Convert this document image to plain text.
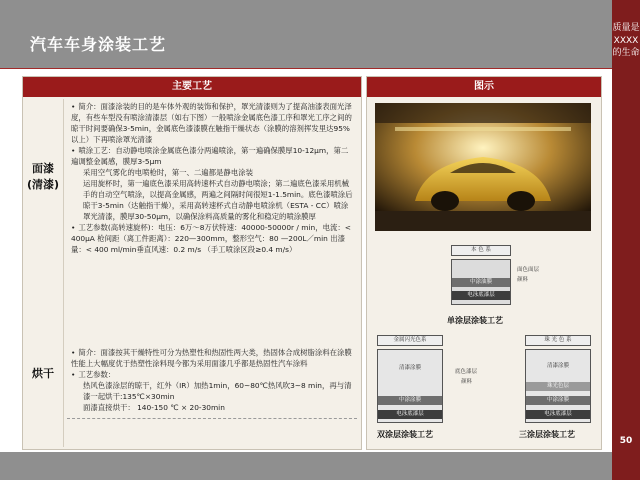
汽车车身涂装工艺
质量是XXXX的生命
50
主要工艺
面漆
(清漆)
烘干

• 简介：面漆涂装的目的是车体外观的装饰和保护，罩光清漆则为了提高油漆表面光泽度，有些车型没有喷涂清漆层（如右下图）一般喷涂金属底色漆工序和罩光工序之间的晾干时间要确保3-5min，金属底色漆漆膜在触指干燥状态（涂膜的溶剂挥发里达95%以上）下再喷涂罩光清漆

• 喷涂工艺：自动静电喷涂金属底色漆分两遍喷涂，第一遍确保膜厚10-12μm，第二遍调整金属感，膜厚3-5μm

采用空气雾化的电喷枪时，第一、二遍都是静电涂装

运用旋杯时，第一遍底色漆采用高转速杯式自动静电喷涂；第二遍底色漆采用机械手的自动空气喷涂，以提高金属感，两遍之间隔时间很短1-1.5min。底色漆喷涂后晾干3-5min（达触指干燥），采用高转速杯式自动静电喷涂机（ESTA - CC）喷涂罩光清漆，膜厚30-50μm，以确保涂料高质量的雾化和稳定的喷涂膜厚

• 工艺参数(高转速旋杯)：电压：6万～8万伏特速：40000-50000r / min，电流：< 400μA 枪间距（离工件距离）：220—300mm，整形空气：80 —200L／min 出漆量：< 400 ml/min垂直风速：0.2 m/s （手工喷涂区段≥0.4 m/s）

• 简介：面漆按其干燥特性可分为热塑性和热固性两大类，热固体合成树脂涂料在涂膜性能上大幅度优于热塑性涂料现今都为采用面漆几乎都是热固性汽车涂料

• 工艺参数：

热风色漆涂层的晾干，红外（IR）加热1min，60~80℃热风吹3~8 min，再与清漆一起烘干:135℃×30min

面漆直接烘干： 140-150 ℃ × 20-30min

图示
本 色 系
中涂油膜
电泳底漆层
面色面层
颜料
单涂层涂装工艺
金属闪光色系
清漆涂膜
中涂涂膜
电泳底漆层
底色漆层
颜料
双涂层涂装工艺
珠 光 色 系
清漆涂膜
珠光色层
中涂涂膜
电泳底漆层
三涂层涂装工艺
